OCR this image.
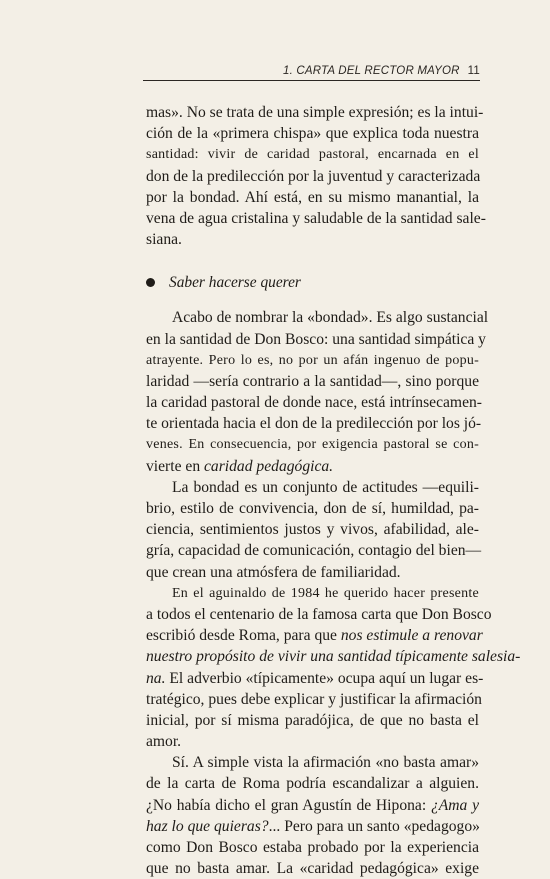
1. CARTA DEL RECTOR MAYOR 11
mas». No se trata de una simple expresión; es la intui-
ción de la «primera chispa» que explica toda nuestra
santidad: vivir de caridad pastoral, encarnada en el
don de la predilección por la juventud y caracterizada
por la bondad. Ahí está, en su mismo manantial, la
vena de agua cristalina y saludable de la santidad sale-
siana.
Saber hacerse querer
Acabo de nombrar la «bondad». Es algo sustancial
en la santidad de Don Bosco: una santidad simpática y
atrayente. Pero lo es, no por un afán ingenuo de popu-
laridad —sería contrario a la santidad—, sino porque
la caridad pastoral de donde nace, está intrínsecamen-
te orientada hacia el don de la predilección por los jó-
venes. En consecuencia, por exigencia pastoral se con-
vierte en caridad pedagógica.
La bondad es un conjunto de actitudes —equili-
brio, estilo de convivencia, don de sí, humildad, pa-
ciencia, sentimientos justos y vivos, afabilidad, ale-
gría, capacidad de comunicación, contagio del bien—
que crean una atmósfera de familiaridad.
En el aguinaldo de 1984 he querido hacer presente
a todos el centenario de la famosa carta que Don Bosco
escribió desde Roma, para que nos estimule a renovar
nuestro propósito de vivir una santidad típicamente salesia-
na. El adverbio «típicamente» ocupa aquí un lugar es-
tratégico, pues debe explicar y justificar la afirmación
inicial, por sí misma paradójica, de que no basta el
amor.
Sí. A simple vista la afirmación «no basta amar»
de la carta de Roma podría escandalizar a alguien.
¿No había dicho el gran Agustín de Hipona: ¿Ama y
haz lo que quieras?... Pero para un santo «pedagogo»
como Don Bosco estaba probado por la experiencia
que no basta amar. La «caridad pedagógica» exige
